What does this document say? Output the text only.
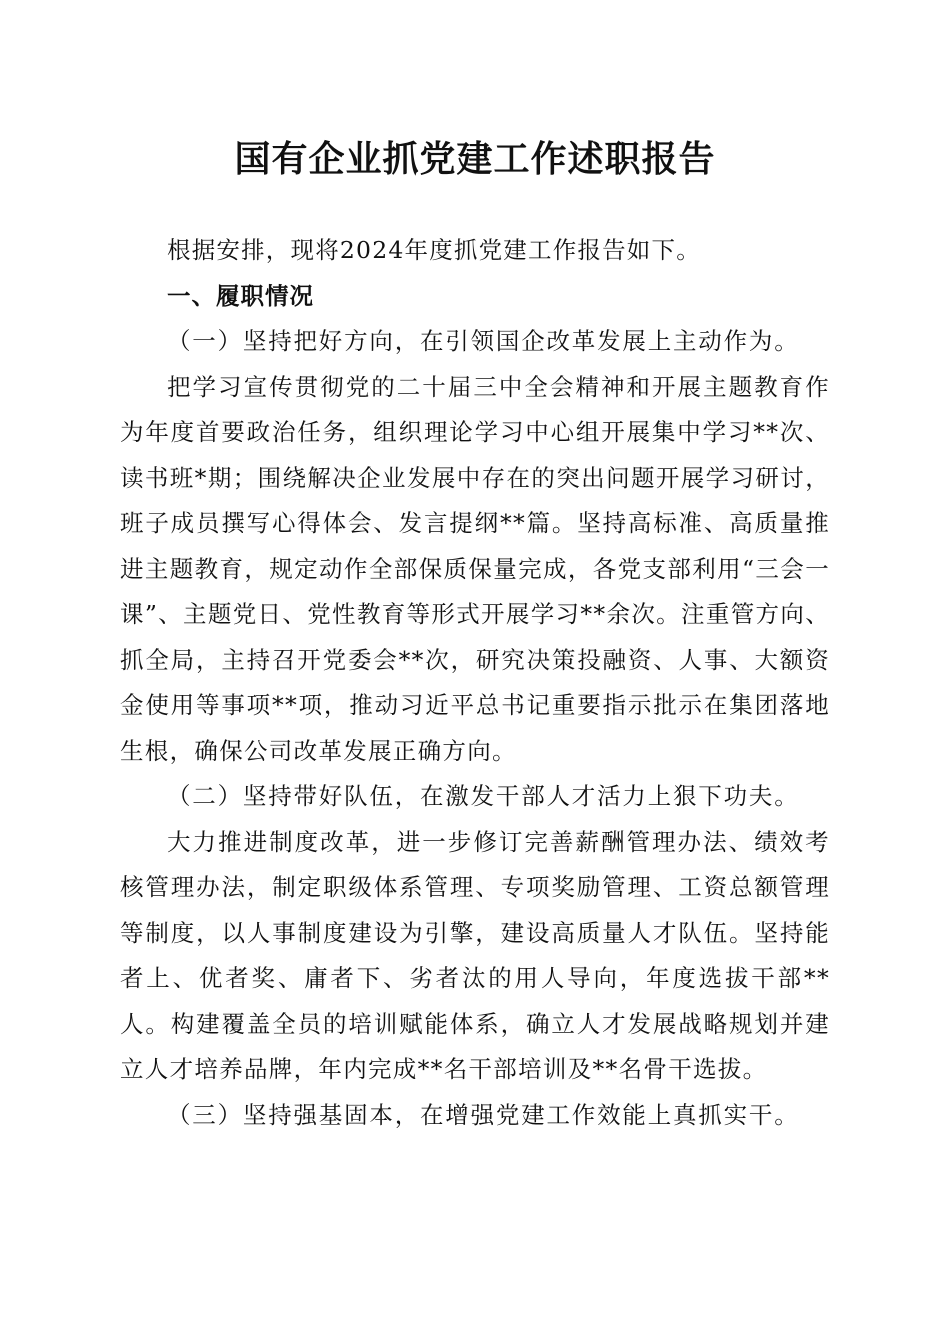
国有企业抓党建工作述职报告

根据安排，现将2024年度抓党建工作报告如下。

一、履职情况

（一）坚持把好方向，在引领国企改革发展上主动作为。

把学习宣传贯彻党的二十届三中全会精神和开展主题教育作为年度首要政治任务，组织理论学习中心组开展集中学习**次、读书班*期；围绕解决企业发展中存在的突出问题开展学习研讨，班子成员撰写心得体会、发言提纲**篇。坚持高标准、高质量推进主题教育，规定动作全部保质保量完成，各党支部利用“三会一课”、主题党日、党性教育等形式开展学习**余次。注重管方向、抓全局，主持召开党委会**次，研究决策投融资、人事、大额资金使用等事项**项，推动习近平总书记重要指示批示在集团落地生根，确保公司改革发展正确方向。

（二）坚持带好队伍，在激发干部人才活力上狠下功夫。

大力推进制度改革，进一步修订完善薪酬管理办法、绩效考核管理办法，制定职级体系管理、专项奖励管理、工资总额管理等制度，以人事制度建设为引擎，建设高质量人才队伍。坚持能者上、优者奖、庸者下、劣者汰的用人导向，年度选拔干部**人。构建覆盖全员的培训赋能体系，确立人才发展战略规划并建立人才培养品牌，年内完成**名干部培训及**名骨干选拔。

（三）坚持强基固本，在增强党建工作效能上真抓实干。
